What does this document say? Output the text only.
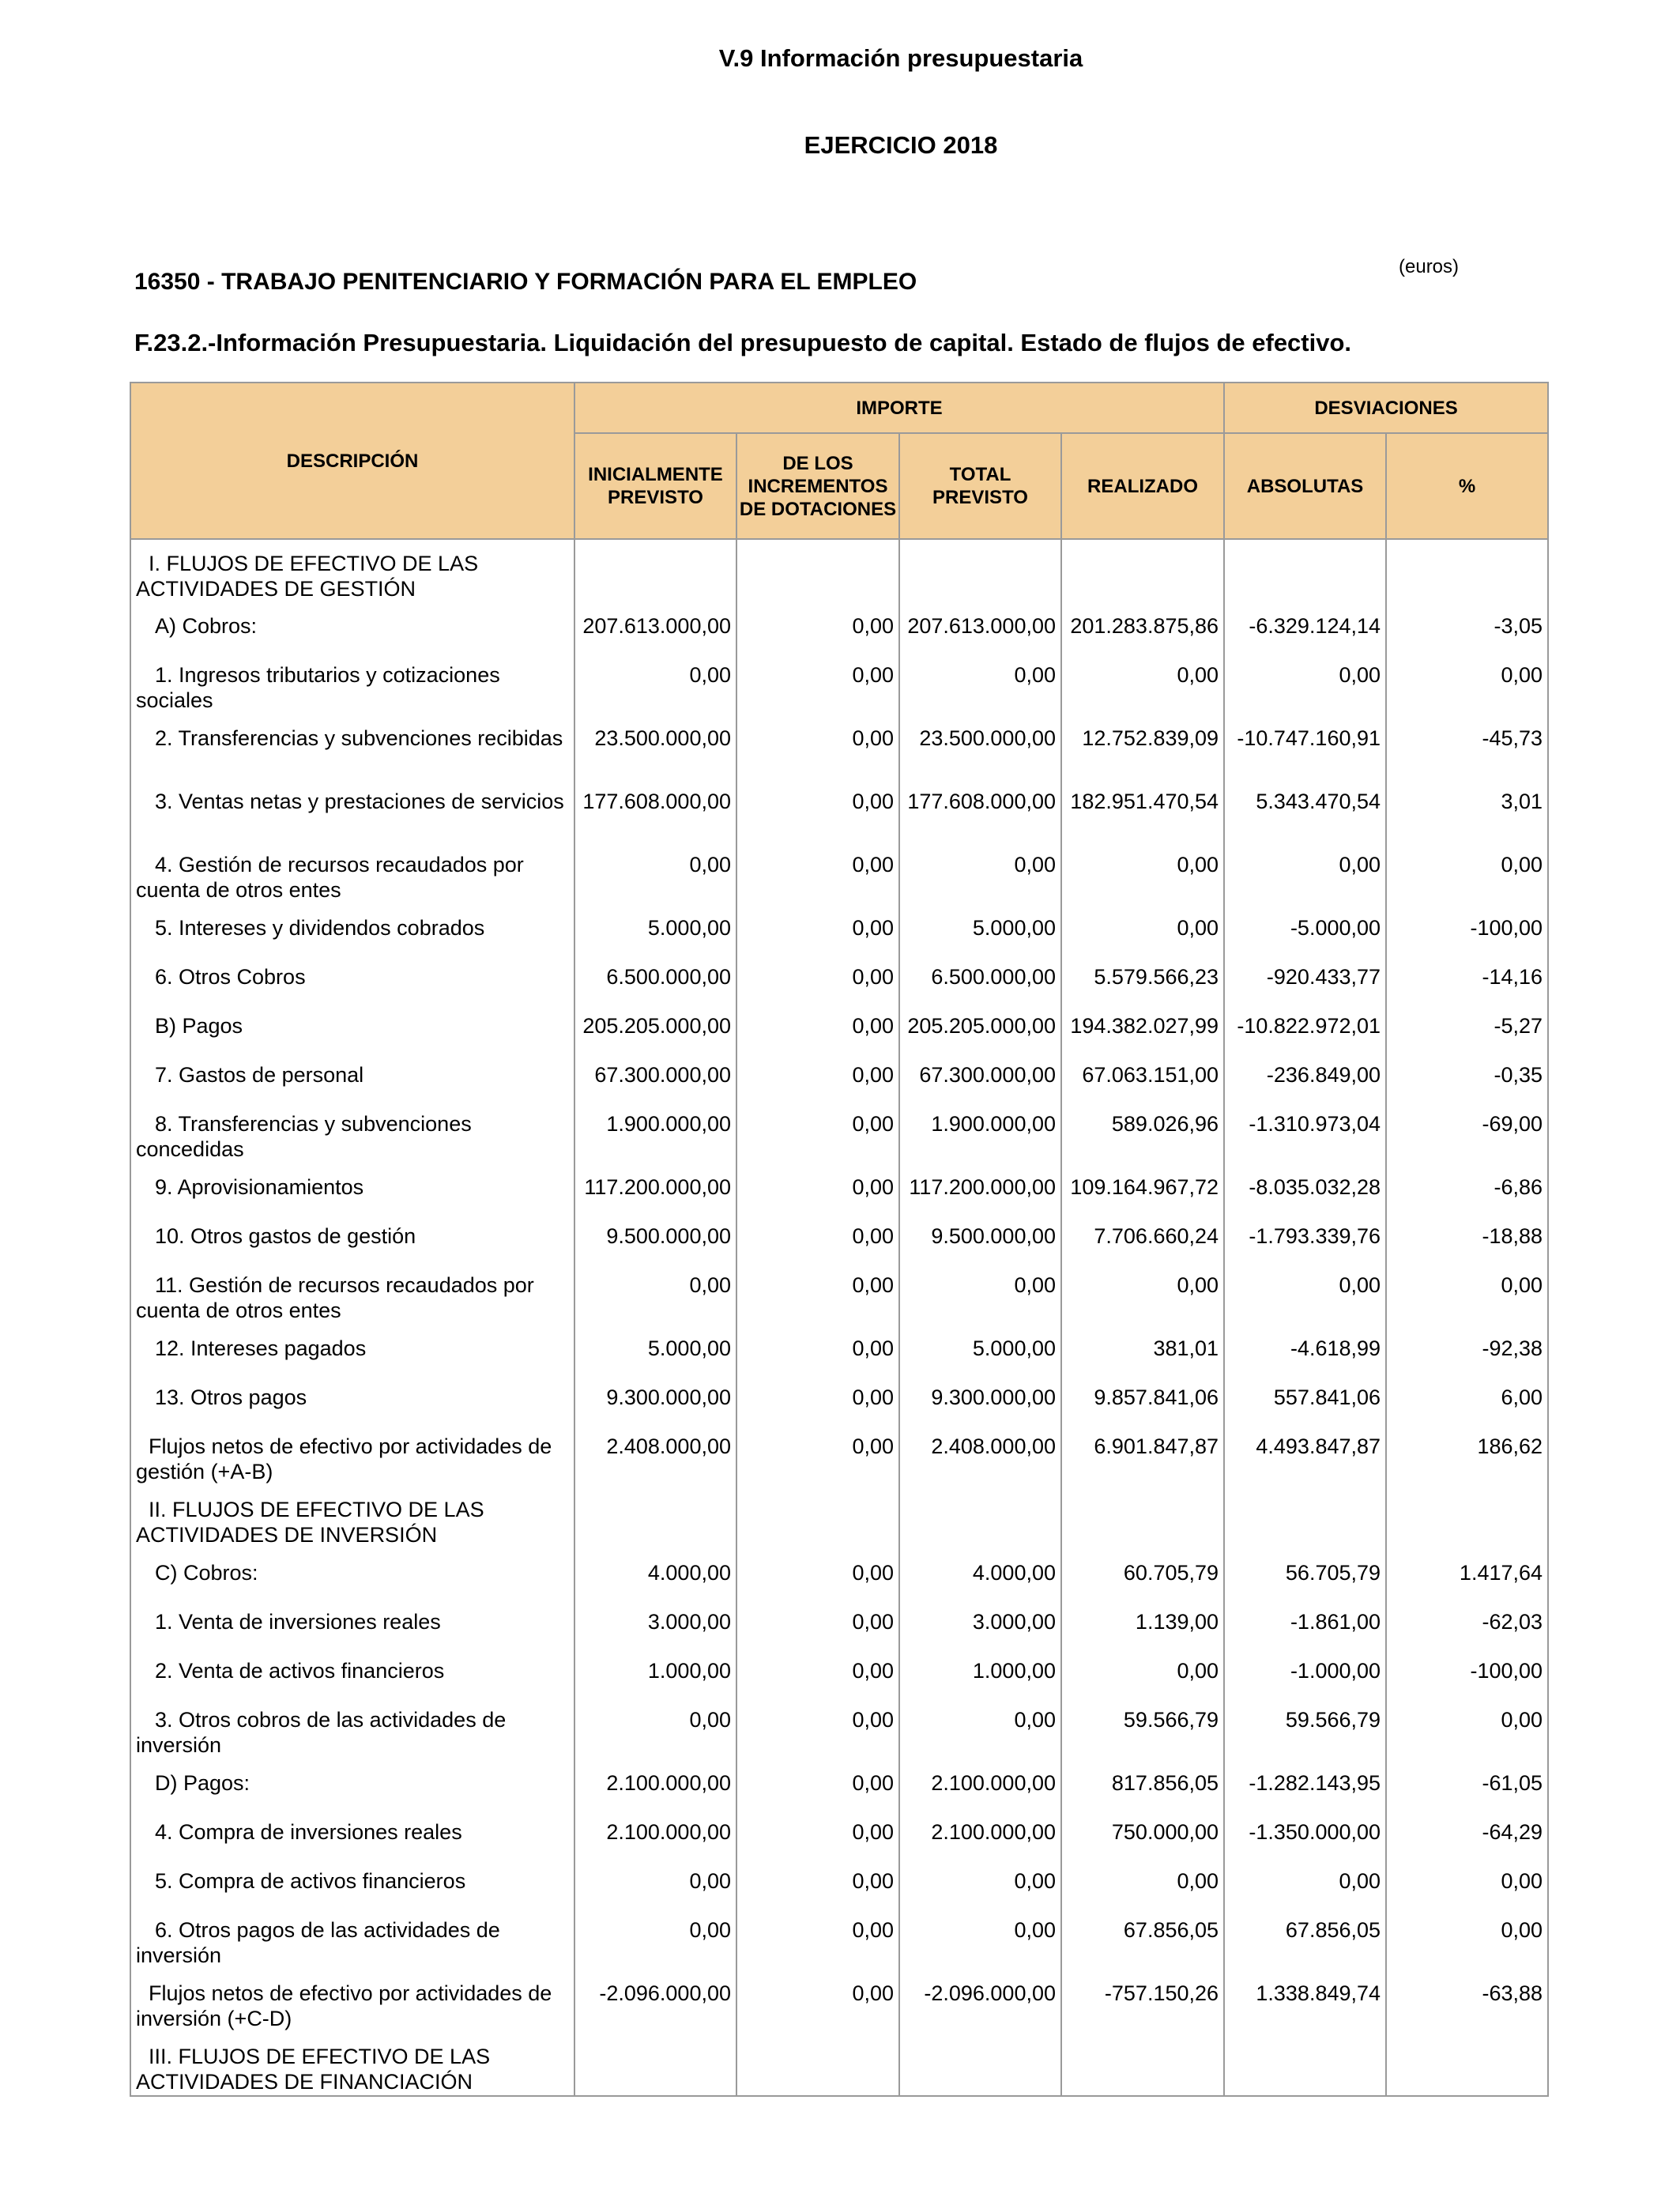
V.9 Información presupuestaria
EJERCICIO 2018
16350 - TRABAJO PENITENCIARIO Y FORMACIÓN PARA EL EMPLEO
(euros)
F.23.2.-Información Presupuestaria. Liquidación del presupuesto de capital. Estado de flujos de efectivo.
DESCRIPCIÓN	IMPORTE				DESVIACIONES	
	INICIALMENTE PREVISTO	DE LOS INCREMENTOS DE DOTACIONES	TOTAL PREVISTO	REALIZADO	ABSOLUTAS	%
I. FLUJOS DE EFECTIVO DE LAS ACTIVIDADES DE GESTIÓN						
A) Cobros:	207.613.000,00	0,00	207.613.000,00	201.283.875,86	-6.329.124,14	-3,05
1. Ingresos tributarios y cotizaciones sociales	0,00	0,00	0,00	0,00	0,00	0,00
2. Transferencias y subvenciones recibidas	23.500.000,00	0,00	23.500.000,00	12.752.839,09	-10.747.160,91	-45,73
3. Ventas netas y prestaciones de servicios	177.608.000,00	0,00	177.608.000,00	182.951.470,54	5.343.470,54	3,01
4. Gestión de recursos recaudados por cuenta de otros entes	0,00	0,00	0,00	0,00	0,00	0,00
5. Intereses y dividendos cobrados	5.000,00	0,00	5.000,00	0,00	-5.000,00	-100,00
6. Otros Cobros	6.500.000,00	0,00	6.500.000,00	5.579.566,23	-920.433,77	-14,16
B) Pagos	205.205.000,00	0,00	205.205.000,00	194.382.027,99	-10.822.972,01	-5,27
7. Gastos de personal	67.300.000,00	0,00	67.300.000,00	67.063.151,00	-236.849,00	-0,35
8. Transferencias y subvenciones concedidas	1.900.000,00	0,00	1.900.000,00	589.026,96	-1.310.973,04	-69,00
9. Aprovisionamientos	117.200.000,00	0,00	117.200.000,00	109.164.967,72	-8.035.032,28	-6,86
10. Otros gastos de gestión	9.500.000,00	0,00	9.500.000,00	7.706.660,24	-1.793.339,76	-18,88
11. Gestión de recursos recaudados por cuenta de otros entes	0,00	0,00	0,00	0,00	0,00	0,00
12. Intereses pagados	5.000,00	0,00	5.000,00	381,01	-4.618,99	-92,38
13. Otros pagos	9.300.000,00	0,00	9.300.000,00	9.857.841,06	557.841,06	6,00
Flujos netos de efectivo por actividades de gestión (+A-B)	2.408.000,00	0,00	2.408.000,00	6.901.847,87	4.493.847,87	186,62
II. FLUJOS DE EFECTIVO DE LAS ACTIVIDADES DE INVERSIÓN						
C) Cobros:	4.000,00	0,00	4.000,00	60.705,79	56.705,79	1.417,64
1. Venta de inversiones reales	3.000,00	0,00	3.000,00	1.139,00	-1.861,00	-62,03
2. Venta de activos financieros	1.000,00	0,00	1.000,00	0,00	-1.000,00	-100,00
3. Otros cobros de las actividades de inversión	0,00	0,00	0,00	59.566,79	59.566,79	0,00
D) Pagos:	2.100.000,00	0,00	2.100.000,00	817.856,05	-1.282.143,95	-61,05
4. Compra de inversiones reales	2.100.000,00	0,00	2.100.000,00	750.000,00	-1.350.000,00	-64,29
5. Compra de activos financieros	0,00	0,00	0,00	0,00	0,00	0,00
6. Otros pagos de las actividades de inversión	0,00	0,00	0,00	67.856,05	67.856,05	0,00
Flujos netos de efectivo por actividades de inversión (+C-D)	-2.096.000,00	0,00	-2.096.000,00	-757.150,26	1.338.849,74	-63,88
III. FLUJOS DE EFECTIVO DE LAS ACTIVIDADES DE FINANCIACIÓN						
